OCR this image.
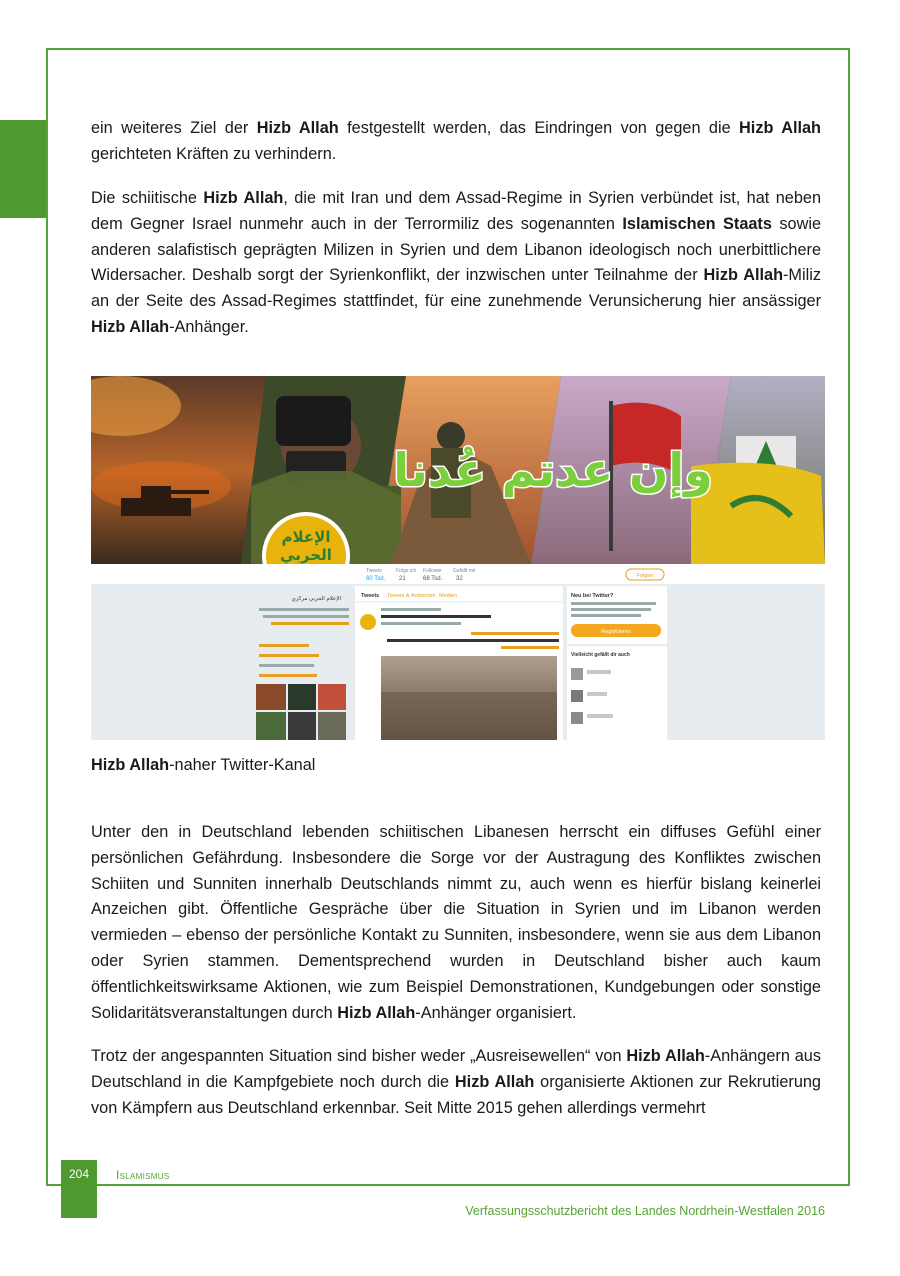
ein weiteres Ziel der Hizb Allah festgestellt werden, das Eindringen von gegen die Hizb Allah gerichteten Kräften zu verhindern.

Die schiitische Hizb Allah, die mit Iran und dem Assad-Regime in Syrien verbündet ist, hat neben dem Gegner Israel nunmehr auch in der Terrormiliz des sogenannten Islamischen Staats sowie anderen salafistisch geprägten Milizen in Syrien und dem Libanon ideologisch noch unerbittlichere Widersacher. Deshalb sorgt der Syrienkonflikt, der inzwischen unter Teilnahme der Hizb Allah-Miliz an der Seite des Assad-Regimes stattfindet, für eine zunehmende Verunsicherung hier ansässiger Hizb Allah-Anhänger.

وإن عدتم عُدنا
الإعلام
الحربي
Tweets
60 Tsd.
Folge ich
21
Follower
68 Tsd.
Gefällt mir
32	Folgen
الإعلام الحربي مركزي	Tweets Tweets & Antworten Medien	Neu bei Twitter?
Registrieren
Vielleicht gefällt dir auch
Hizb Allah-naher Twitter-Kanal

Unter den in Deutschland lebenden schiitischen Libanesen herrscht ein diffuses Gefühl einer persönlichen Gefährdung. Insbesondere die Sorge vor der Austragung des Konfliktes zwischen Schiiten und Sunniten innerhalb Deutschlands nimmt zu, auch wenn es hierfür bislang keinerlei Anzeichen gibt. Öffentliche Gespräche über die Situation in Syrien und im Libanon werden vermieden – ebenso der persönliche Kontakt zu Sunniten, insbesondere, wenn sie aus dem Libanon oder Syrien stammen. Dementsprechend wurden in Deutschland bisher auch kaum öffentlichkeitswirksame Aktionen, wie zum Beispiel Demonstrationen, Kundgebungen oder sonstige Solidaritätsveranstaltungen durch Hizb Allah-Anhänger organisiert.

Trotz der angespannten Situation sind bisher weder „Ausreisewellen“ von Hizb Allah-Anhängern aus Deutschland in die Kampfgebiete noch durch die Hizb Allah organisierte Aktionen zur Rekrutierung von Kämpfern aus Deutschland erkennbar. Seit Mitte 2015 gehen allerdings vermehrt

204	Islamismus
Verfassungsschutzbericht des Landes Nordrhein-Westfalen 2016
